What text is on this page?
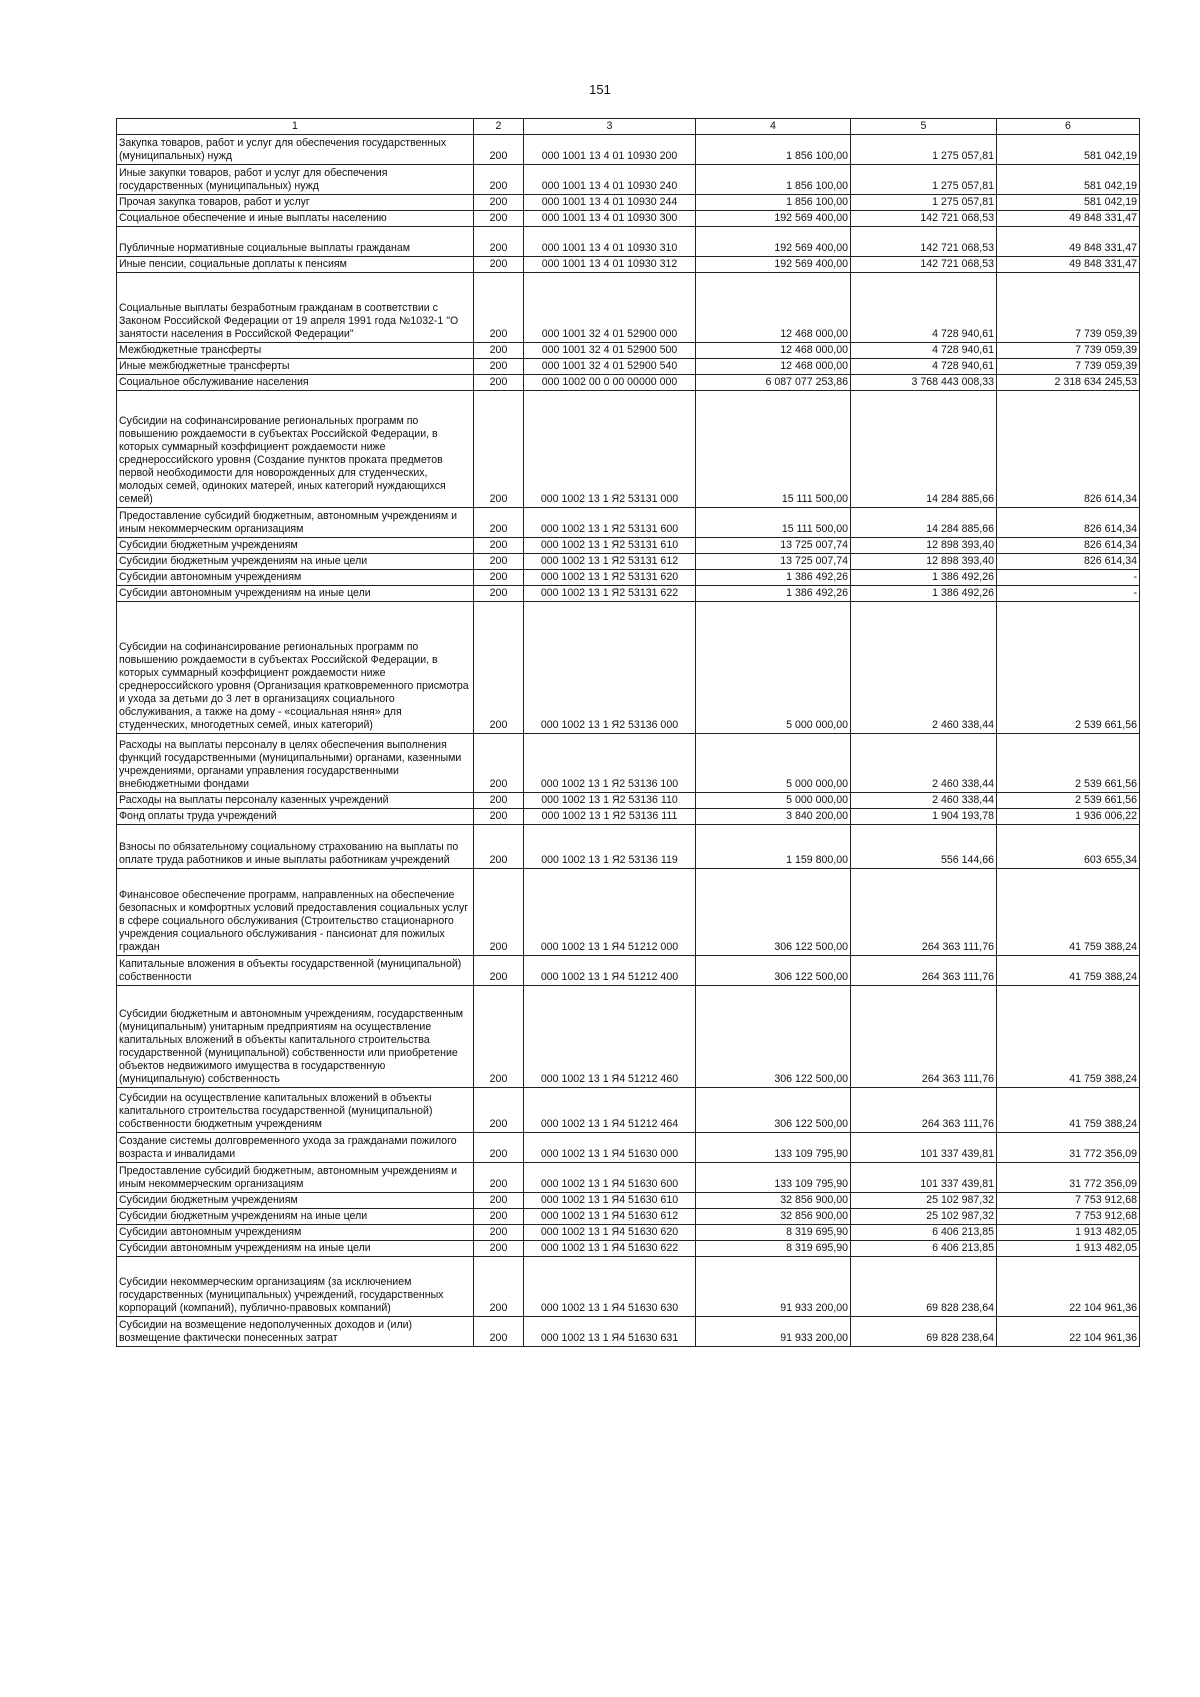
151
1	2	3	4	5	6
Закупка товаров, работ и услуг для обеспечения государственных (муниципальных) нужд	200	000 1001 13 4 01 10930 200	1 856 100,00	1 275 057,81	581 042,19
Иные закупки товаров, работ и услуг для обеспечения государственных (муниципальных) нужд	200	000 1001 13 4 01 10930 240	1 856 100,00	1 275 057,81	581 042,19
Прочая закупка товаров, работ и услуг	200	000 1001 13 4 01 10930 244	1 856 100,00	1 275 057,81	581 042,19
Социальное обеспечение и иные выплаты населению	200	000 1001 13 4 01 10930 300	192 569 400,00	142 721 068,53	49 848 331,47
Публичные нормативные социальные выплаты гражданам	200	000 1001 13 4 01 10930 310	192 569 400,00	142 721 068,53	49 848 331,47
Иные пенсии, социальные доплаты к пенсиям	200	000 1001 13 4 01 10930 312	192 569 400,00	142 721 068,53	49 848 331,47
Социальные выплаты безработным гражданам в соответствии с Законом Российской Федерации от 19 апреля 1991 года №1032-1 "О занятости населения в Российской Федерации"	200	000 1001 32 4 01 52900 000	12 468 000,00	4 728 940,61	7 739 059,39
Межбюджетные трансферты	200	000 1001 32 4 01 52900 500	12 468 000,00	4 728 940,61	7 739 059,39
Иные межбюджетные трансферты	200	000 1001 32 4 01 52900 540	12 468 000,00	4 728 940,61	7 739 059,39
Социальное обслуживание населения	200	000 1002 00 0 00 00000 000	6 087 077 253,86	3 768 443 008,33	2 318 634 245,53
Субсидии на софинансирование региональных программ по повышению рождаемости в субъектах Российской Федерации, в которых суммарный коэффициент рождаемости ниже среднероссийского уровня (Создание пунктов проката предметов первой необходимости для новорожденных для студенческих, молодых семей, одиноких матерей, иных категорий нуждающихся семей)	200	000 1002 13 1 Я2 53131 000	15 111 500,00	14 284 885,66	826 614,34
Предоставление субсидий бюджетным, автономным учреждениям и иным некоммерческим организациям	200	000 1002 13 1 Я2 53131 600	15 111 500,00	14 284 885,66	826 614,34
Субсидии бюджетным учреждениям	200	000 1002 13 1 Я2 53131 610	13 725 007,74	12 898 393,40	826 614,34
Субсидии бюджетным учреждениям на иные цели	200	000 1002 13 1 Я2 53131 612	13 725 007,74	12 898 393,40	826 614,34
Субсидии автономным учреждениям	200	000 1002 13 1 Я2 53131 620	1 386 492,26	1 386 492,26	-
Субсидии автономным учреждениям на иные цели	200	000 1002 13 1 Я2 53131 622	1 386 492,26	1 386 492,26	-
Субсидии на софинансирование региональных программ по повышению рождаемости в субъектах Российской Федерации, в которых суммарный коэффициент рождаемости ниже среднероссийского уровня (Организация кратковременного присмотра и ухода за детьми до 3 лет в организациях социального обслуживания, а также на дому - «социальная няня» для студенческих, многодетных семей, иных категорий)	200	000 1002 13 1 Я2 53136 000	5 000 000,00	2 460 338,44	2 539 661,56
Расходы на выплаты персоналу в целях обеспечения выполнения функций государственными (муниципальными) органами, казенными учреждениями, органами управления государственными внебюджетными фондами	200	000 1002 13 1 Я2 53136 100	5 000 000,00	2 460 338,44	2 539 661,56
Расходы на выплаты персоналу казенных учреждений	200	000 1002 13 1 Я2 53136 110	5 000 000,00	2 460 338,44	2 539 661,56
Фонд оплаты труда учреждений	200	000 1002 13 1 Я2 53136 111	3 840 200,00	1 904 193,78	1 936 006,22
Взносы по обязательному социальному страхованию на выплаты по оплате труда работников и иные выплаты работникам учреждений	200	000 1002 13 1 Я2 53136 119	1 159 800,00	556 144,66	603 655,34
Финансовое обеспечение программ, направленных на обеспечение безопасных и комфортных условий предоставления социальных услуг в сфере социального обслуживания (Строительство стационарного учреждения социального обслуживания - пансионат для пожилых граждан	200	000 1002 13 1 Я4 51212 000	306 122 500,00	264 363 111,76	41 759 388,24
Капитальные вложения в объекты государственной (муниципальной) собственности	200	000 1002 13 1 Я4 51212 400	306 122 500,00	264 363 111,76	41 759 388,24
Субсидии бюджетным и автономным учреждениям, государственным (муниципальным) унитарным предприятиям на осуществление капитальных вложений в объекты капитального строительства государственной (муниципальной) собственности или приобретение объектов недвижимого имущества в государственную (муниципальную) собственность	200	000 1002 13 1 Я4 51212 460	306 122 500,00	264 363 111,76	41 759 388,24
Субсидии на осуществление капитальных вложений в объекты капитального строительства государственной (муниципальной) собственности бюджетным учреждениям	200	000 1002 13 1 Я4 51212 464	306 122 500,00	264 363 111,76	41 759 388,24
Создание системы долговременного ухода за гражданами пожилого возраста и инвалидами	200	000 1002 13 1 Я4 51630 000	133 109 795,90	101 337 439,81	31 772 356,09
Предоставление субсидий бюджетным, автономным учреждениям и иным некоммерческим организациям	200	000 1002 13 1 Я4 51630 600	133 109 795,90	101 337 439,81	31 772 356,09
Субсидии бюджетным учреждениям	200	000 1002 13 1 Я4 51630 610	32 856 900,00	25 102 987,32	7 753 912,68
Субсидии бюджетным учреждениям на иные цели	200	000 1002 13 1 Я4 51630 612	32 856 900,00	25 102 987,32	7 753 912,68
Субсидии автономным учреждениям	200	000 1002 13 1 Я4 51630 620	8 319 695,90	6 406 213,85	1 913 482,05
Субсидии автономным учреждениям на иные цели	200	000 1002 13 1 Я4 51630 622	8 319 695,90	6 406 213,85	1 913 482,05
Субсидии некоммерческим организациям (за исключением государственных (муниципальных) учреждений, государственных корпораций (компаний), публично-правовых компаний)	200	000 1002 13 1 Я4 51630 630	91 933 200,00	69 828 238,64	22 104 961,36
Субсидии на возмещение недополученных доходов и (или) возмещение фактически понесенных затрат	200	000 1002 13 1 Я4 51630 631	91 933 200,00	69 828 238,64	22 104 961,36
